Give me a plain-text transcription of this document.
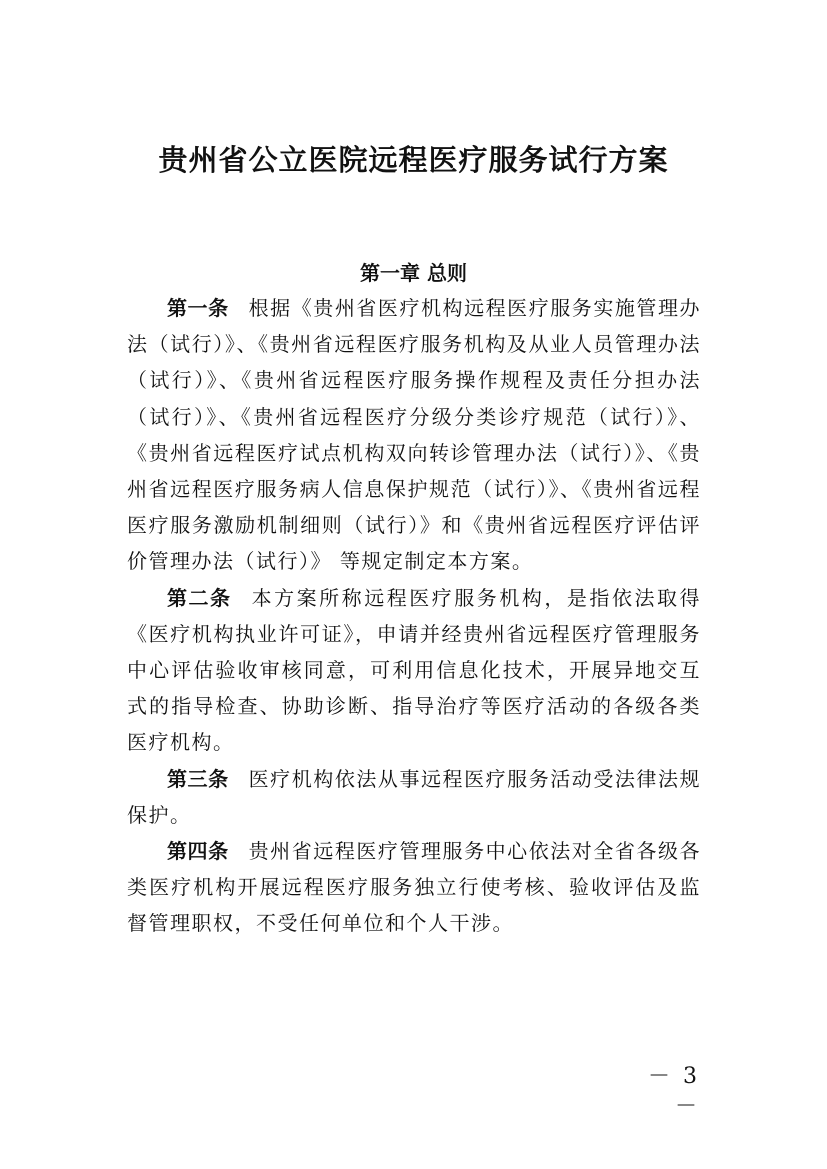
贵州省公立医院远程医疗服务试行方案
第一章 总则

第一条 根据《贵州省医疗机构远程医疗服务实施管理办法（试行）》、《贵州省远程医疗服务机构及从业人员管理办法（试行）》、《贵州省远程医疗服务操作规程及责任分担办法（试行）》、《贵州省远程医疗分级分类诊疗规范（试行）》、《贵州省远程医疗试点机构双向转诊管理办法（试行）》、《贵州省远程医疗服务病人信息保护规范（试行）》、《贵州省远程医疗服务激励机制细则（试行）》和《贵州省远程医疗评估评价管理办法（试行）》 等规定制定本方案。

第二条 本方案所称远程医疗服务机构，是指依法取得《医疗机构执业许可证》，申请并经贵州省远程医疗管理服务中心评估验收审核同意，可利用信息化技术，开展异地交互式的指导检查、协助诊断、指导治疗等医疗活动的各级各类医疗机构。

第三条 医疗机构依法从事远程医疗服务活动受法律法规保护。

第四条 贵州省远程医疗管理服务中心依法对全省各级各类医疗机构开展远程医疗服务独立行使考核、验收评估及监督管理职权，不受任何单位和个人干涉。

－ 3 －
